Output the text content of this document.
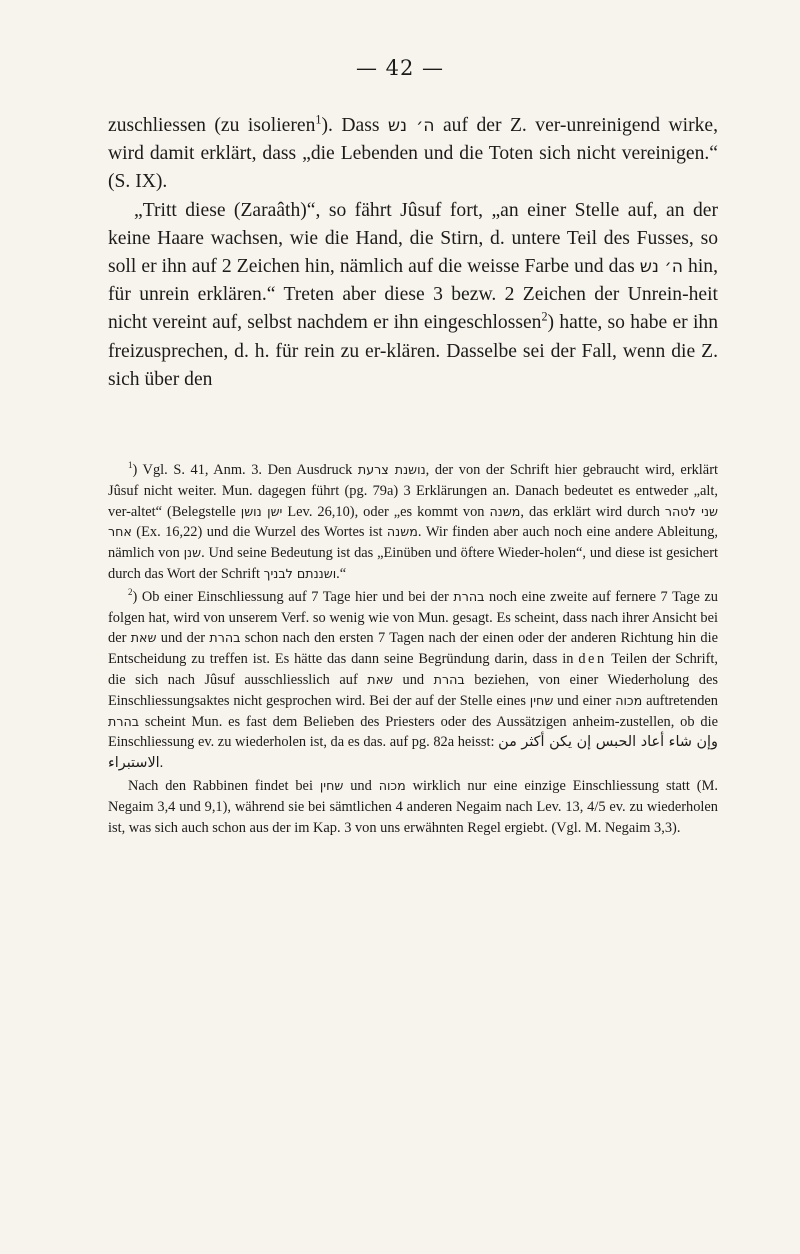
— 42 —

zuschliessen (zu isolieren$^1$). Dass ה׳ נש auf der Z. ver-unreinigend wirke, wird damit erklärt, dass „die Lebenden und die Toten sich nicht vereinigen.“ (S. IX).

„Tritt diese (Zaraâth)“, so fährt Jûsuf fort, „an einer Stelle auf, an der keine Haare wachsen, wie die Hand, die Stirn, d. untere Teil des Fusses, so soll er ihn auf 2 Zeichen hin, nämlich auf die weisse Farbe und das ה׳ נש hin, für unrein erklären.“ Treten aber diese 3 bezw. 2 Zeichen der Unrein-heit nicht vereint auf, selbst nachdem er ihn eingeschlossen$^2$) hatte, so habe er ihn freizusprechen, d. h. für rein zu er-klären. Dasselbe sei der Fall, wenn die Z. sich über den

$^1$) Vgl. S. 41, Anm. 3. Den Ausdruck נושנת צרעת, der von der Schrift hier gebraucht wird, erklärt Jûsuf nicht weiter. Mun. dagegen führt (pg. 79a) 3 Erklärungen an. Danach bedeutet es entweder „alt, ver-altet“ (Belegstelle ישן נושן Lev. 26,10), oder „es kommt von משנה, das erklärt wird durch שני לטהר אחר (Ex. 16,22) und die Wurzel des Wortes ist משנה. Wir finden aber auch noch eine andere Ableitung, nämlich von שנן. Und seine Bedeutung ist das „Einüben und öftere Wieder-holen“, und diese ist gesichert durch das Wort der Schrift ושננתם לבניך.“

$^2$) Ob einer Einschliessung auf 7 Tage hier und bei der בהרת noch eine zweite auf fernere 7 Tage zu folgen hat, wird von unserem Verf. so wenig wie von Mun. gesagt. Es scheint, dass nach ihrer Ansicht bei der שאת und der בהרת schon nach den ersten 7 Tagen nach der einen oder der anderen Richtung hin die Entscheidung zu treffen ist. Es hätte das dann seine Begründung darin, dass in den Teilen der Schrift, die sich nach Jûsuf ausschliesslich auf שאת und בהרת beziehen, von einer Wiederholung des Einschliessungsaktes nicht gesprochen wird. Bei der auf der Stelle eines שחין und einer מכוה auftretenden בהרת scheint Mun. es fast dem Belieben des Priesters oder des Aussätzigen anheim-zustellen, ob die Einschliessung ev. zu wiederholen ist, da es das. auf pg. 82a heisst: وإن شاء أعاد الحبس إن يكن أكثر من الاستبراء.

Nach den Rabbinen findet bei שחין und מכוה wirklich nur eine einzige Einschliessung statt (M. Negaim 3,4 und 9,1), während sie bei sämtlichen 4 anderen Negaim nach Lev. 13, 4/5 ev. zu wiederholen ist, was sich auch schon aus der im Kap. 3 von uns erwähnten Regel ergiebt. (Vgl. M. Negaim 3,3).
